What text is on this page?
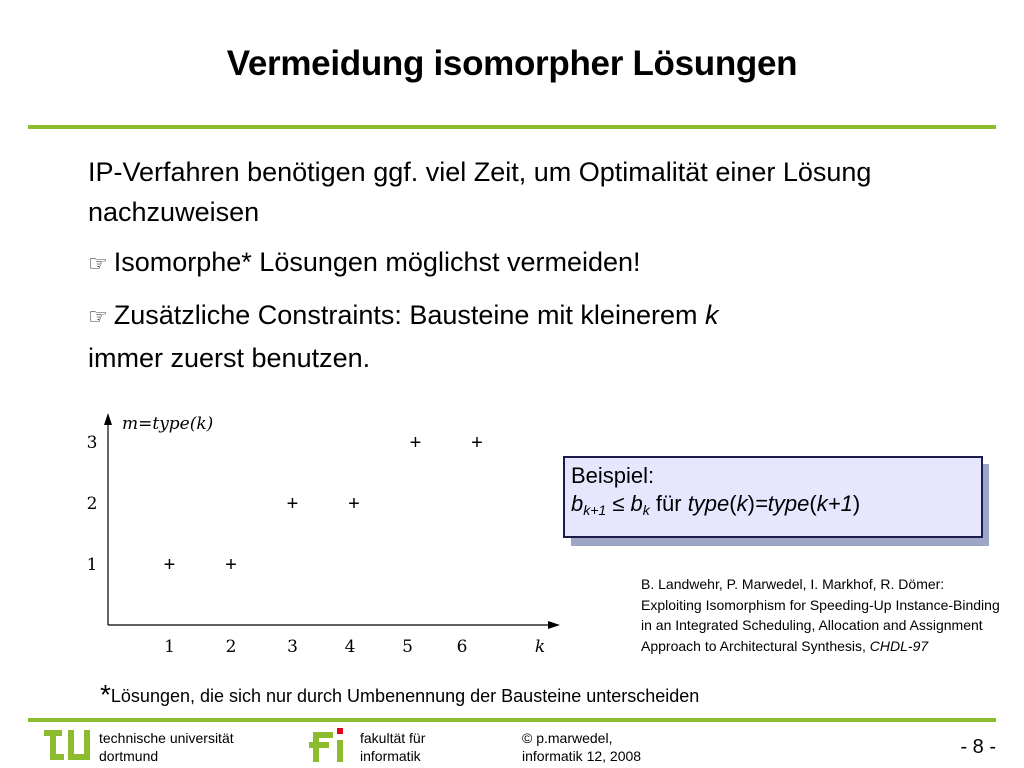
Vermeidung isomorpher Lösungen

IP-Verfahren benötigen ggf. viel Zeit, um Optimalität einer Lösung nachzuweisen

☞ Isomorphe* Lösungen möglichst vermeiden!

☞ Zusätzliche Constraints: Bausteine mit kleinerem k
immer zuerst benutzen.

m=type(k)
1
2
3
1	2	3	4	5	6	k
+ +
+ +
+ +
Beispiel:
$b_{k+1} \le b_k$ für type(k)=type(k+1)
B. Landwehr, P. Marwedel, I. Markhof, R. Dömer: Exploiting Isomorphism for Speeding-Up Instance-Binding in an Integrated Scheduling, Allocation and Assignment Approach to Architectural Synthesis, CHDL-97
*Lösungen, die sich nur durch Umbenennung der Bausteine unterscheiden
technische universität
dortmund
fakultät für
informatik
© p.marwedel,
informatik 12, 2008	- 8 -
